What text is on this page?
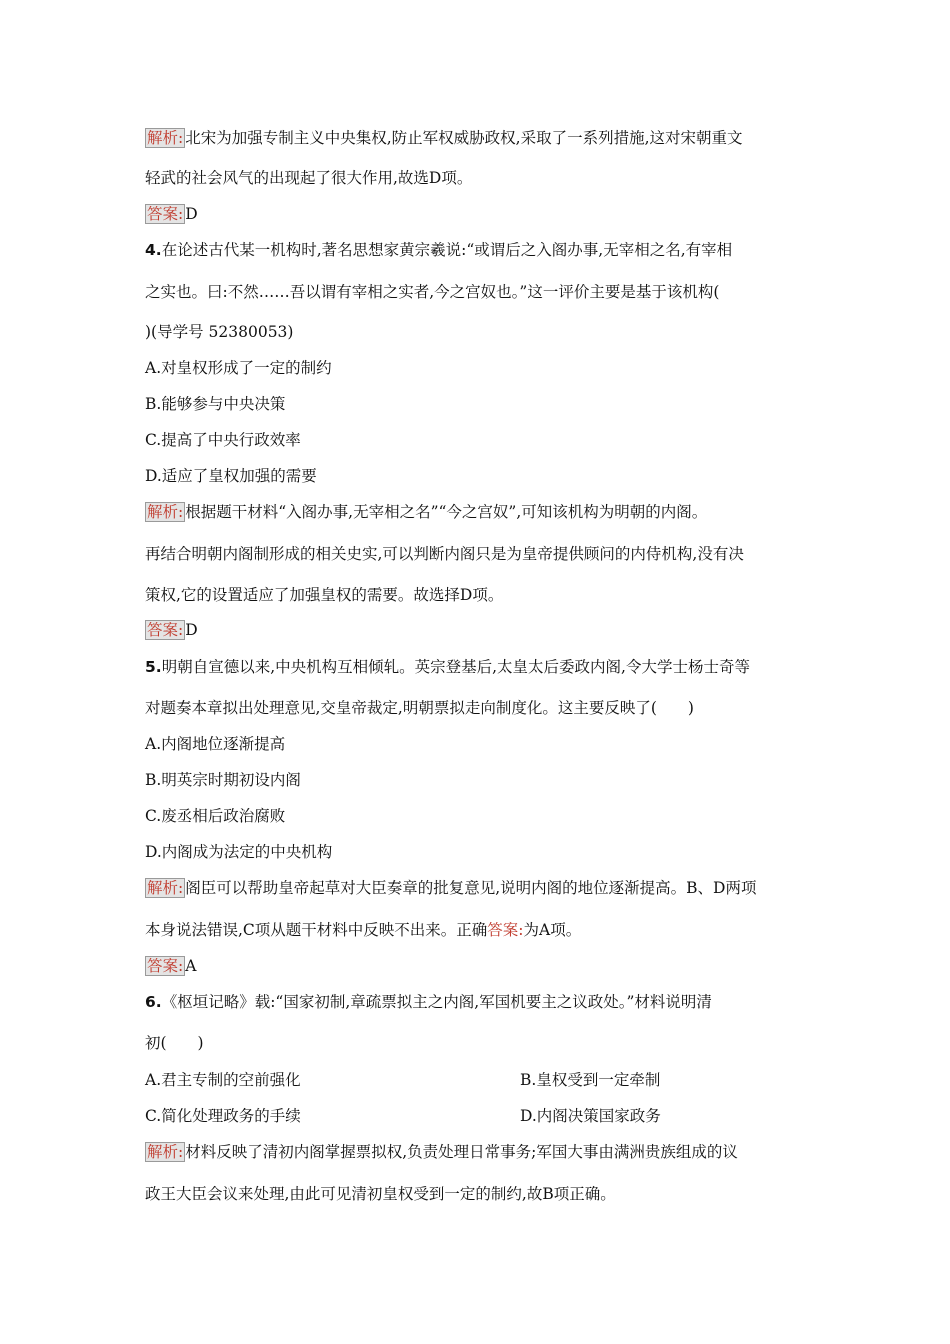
解析: 北宋为加强专制主义中央集权,防止军权威胁政权,采取了一系列措施,这对宋朝重文
轻武的社会风气的出现起了很大作用,故选D项。
答案: D
4.在论述古代某一机构时,著名思想家黄宗羲说:“或谓后之入阁办事,无宰相之名,有宰相
之实也。曰:不然……吾以谓有宰相之实者,今之宫奴也。”这一评价主要是基于该机构(
)(导学号 52380053)
A.对皇权形成了一定的制约
B.能够参与中央决策
C.提高了中央行政效率
D.适应了皇权加强的需要
解析: 根据题干材料“入阁办事,无宰相之名”“今之宫奴”,可知该机构为明朝的内阁。
再结合明朝内阁制形成的相关史实,可以判断内阁只是为皇帝提供顾问的内侍机构,没有决
策权,它的设置适应了加强皇权的需要。故选择D项。
答案: D
5.明朝自宣德以来,中央机构互相倾轧。英宗登基后,太皇太后委政内阁,令大学士杨士奇等
对题奏本章拟出处理意见,交皇帝裁定,明朝票拟走向制度化。这主要反映了(　　)
A.内阁地位逐渐提高
B.明英宗时期初设内阁
C.废丞相后政治腐败
D.内阁成为法定的中央机构
解析: 阁臣可以帮助皇帝起草对大臣奏章的批复意见,说明内阁的地位逐渐提高。B、D两项
本身说法错误,C项从题干材料中反映不出来。正确答案:为A项。
答案: A
6.《枢垣记略》载:“国家初制,章疏票拟主之内阁,军国机要主之议政处。”材料说明清
初(　　)
A.君主专制的空前强化	B.皇权受到一定牵制
C.简化处理政务的手续	D.内阁决策国家政务
解析: 材料反映了清初内阁掌握票拟权,负责处理日常事务;军国大事由满洲贵族组成的议
政王大臣会议来处理,由此可见清初皇权受到一定的制约,故B项正确。
